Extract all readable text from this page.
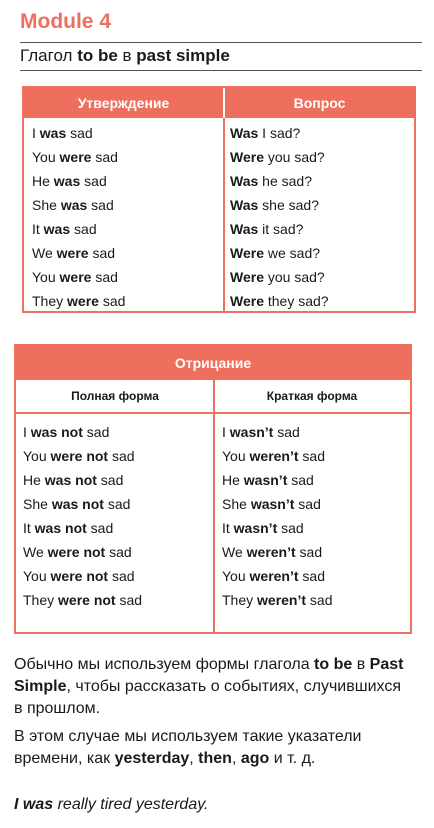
Module 4
Глагол to be в past simple
Утверждение	Вопрос
I was sad
You were sad
He was sad
She was sad
It was sad
We were sad
You were sad
They were sad
Was I sad?
Were you sad?
Was he sad?
Was she sad?
Was it sad?
Were we sad?
Were you sad?
Were they sad?
Отрицание
Полная форма	Краткая форма
I was not sad
You were not sad
He was not sad
She was not sad
It was not sad
We were not sad
You were not sad
They were not sad
I wasn’t sad
You weren’t sad
He wasn’t sad
She wasn’t sad
It wasn’t sad
We weren’t sad
You weren’t sad
They weren’t sad
Обычно мы используем формы глагола to be в Past Simple, чтобы рассказать о событиях, случившихся в прошлом.
В этом случае мы используем такие указатели времени, как yesterday, then, ago и т. д.
I was really tired yesterday.
